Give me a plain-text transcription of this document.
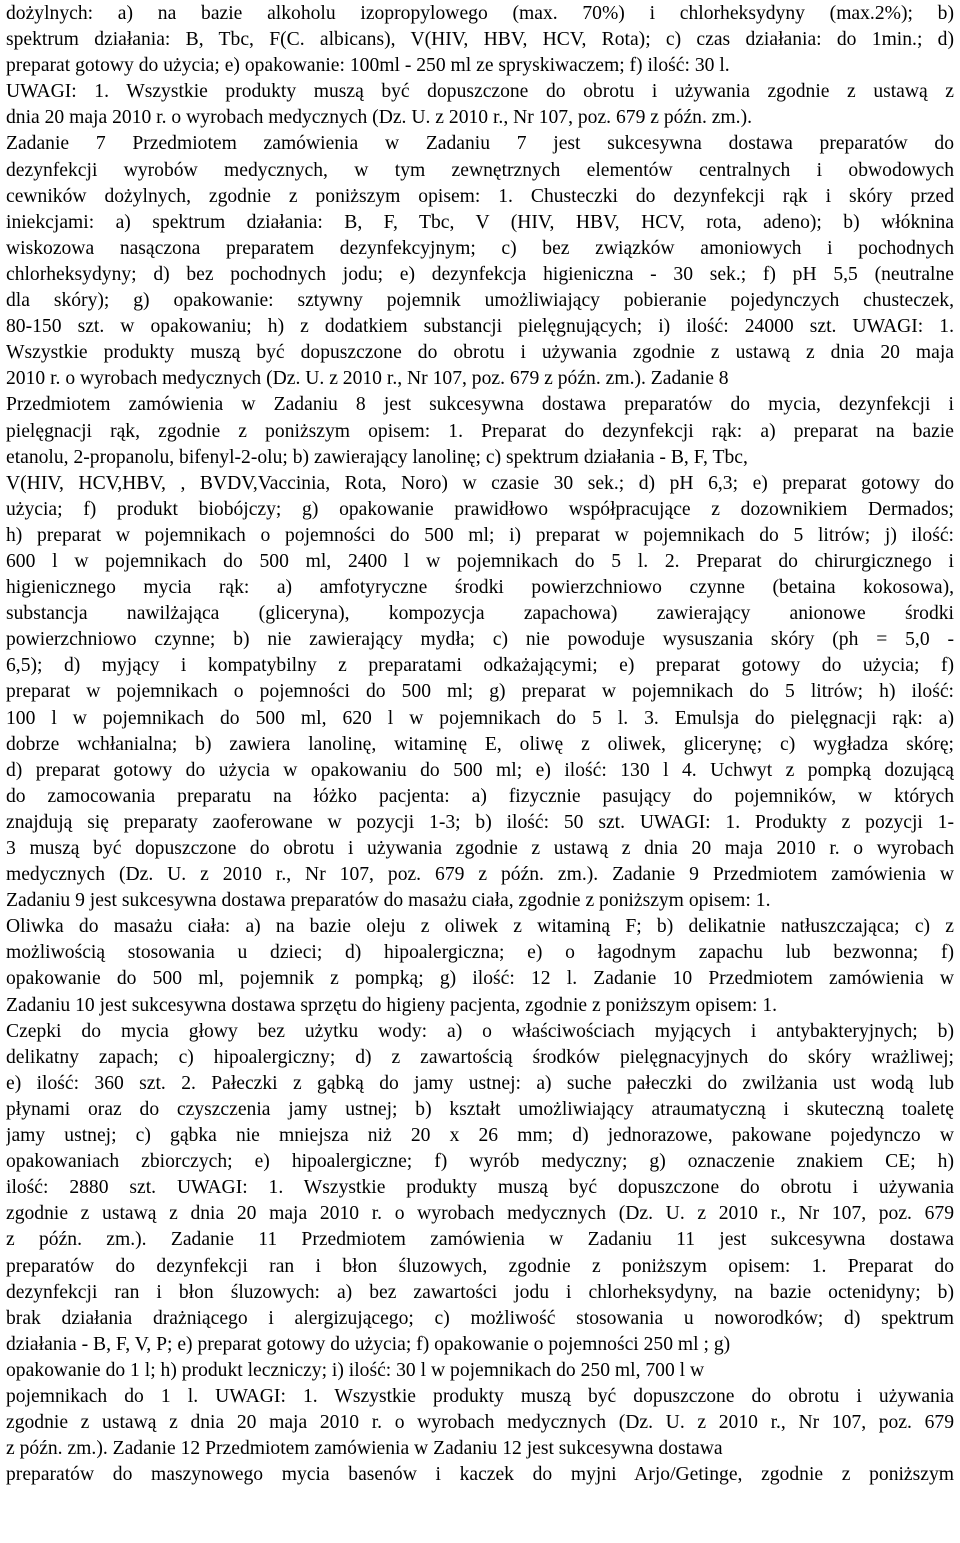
dożylnych: a) na bazie alkoholu izopropylowego (max. 70%) i chlorheksydyny (max.2%); b)
spektrum działania: B, Tbc, F(C. albicans), V(HIV, HBV, HCV, Rota); c) czas działania: do 1min.; d)
preparat gotowy do użycia; e) opakowanie: 100ml - 250 ml ze spryskiwaczem; f) ilość: 30 l.
UWAGI: 1. Wszystkie produkty muszą być dopuszczone do obrotu i używania zgodnie z ustawą z
dnia 20 maja 2010 r. o wyrobach medycznych (Dz. U. z 2010 r., Nr 107, poz. 679 z późn. zm.).
Zadanie 7 Przedmiotem zamówienia w Zadaniu 7 jest sukcesywna dostawa preparatów do
dezynfekcji wyrobów medycznych, w tym zewnętrznych elementów centralnych i obwodowych
cewników dożylnych, zgodnie z poniższym opisem: 1. Chusteczki do dezynfekcji rąk i skóry przed
iniekcjami: a) spektrum działania: B, F, Tbc, V (HIV, HBV, HCV, rota, adeno); b) włóknina
wiskozowa nasączona preparatem dezynfekcyjnym; c) bez związków amoniowych i pochodnych
chlorheksydyny; d) bez pochodnych jodu; e) dezynfekcja higieniczna - 30 sek.; f) pH 5,5 (neutralne
dla skóry); g) opakowanie: sztywny pojemnik umożliwiający pobieranie pojedynczych chusteczek,
80-150 szt. w opakowaniu; h) z dodatkiem substancji pielęgnujących; i) ilość: 24000 szt. UWAGI: 1.
Wszystkie produkty muszą być dopuszczone do obrotu i używania zgodnie z ustawą z dnia 20 maja
2010 r. o wyrobach medycznych (Dz. U. z 2010 r., Nr 107, poz. 679 z późn. zm.). Zadanie 8
Przedmiotem zamówienia w Zadaniu 8 jest sukcesywna dostawa preparatów do mycia, dezynfekcji i
pielęgnacji rąk, zgodnie z poniższym opisem: 1. Preparat do dezynfekcji rąk: a) preparat na bazie
etanolu, 2-propanolu, bifenyl-2-olu; b) zawierający lanolinę; c) spektrum działania - B, F, Tbc,
V(HIV, HCV,HBV, , BVDV,Vaccinia, Rota, Noro) w czasie 30 sek.; d) pH 6,3; e) preparat gotowy do
użycia; f) produkt biobójczy; g) opakowanie prawidłowo współpracujące z dozownikiem Dermados;
h) preparat w pojemnikach o pojemności do 500 ml; i) preparat w pojemnikach do 5 litrów; j) ilość:
600 l w pojemnikach do 500 ml, 2400 l w pojemnikach do 5 l. 2. Preparat do chirurgicznego i
higienicznego mycia rąk: a) amfotyryczne środki powierzchniowo czynne (betaina kokosowa),
substancja nawilżająca (gliceryna), kompozycja zapachowa) zawierający anionowe środki
powierzchniowo czynne; b) nie zawierający mydła; c) nie powoduje wysuszania skóry (ph = 5,0 -
6,5); d) myjący i kompatybilny z preparatami odkażającymi; e) preparat gotowy do użycia; f)
preparat w pojemnikach o pojemności do 500 ml; g) preparat w pojemnikach do 5 litrów; h) ilość:
100 l w pojemnikach do 500 ml, 620 l w pojemnikach do 5 l. 3. Emulsja do pielęgnacji rąk: a)
dobrze wchłanialna; b) zawiera lanolinę, witaminę E, oliwę z oliwek, glicerynę; c) wygładza skórę;
d) preparat gotowy do użycia w opakowaniu do 500 ml; e) ilość: 130 l 4. Uchwyt z pompką dozującą
do zamocowania preparatu na łóżko pacjenta: a) fizycznie pasujący do pojemników, w których
znajdują się preparaty zaoferowane w pozycji 1-3; b) ilość: 50 szt. UWAGI: 1. Produkty z pozycji 1-
3 muszą być dopuszczone do obrotu i używania zgodnie z ustawą z dnia 20 maja 2010 r. o wyrobach
medycznych (Dz. U. z 2010 r., Nr 107, poz. 679 z późn. zm.). Zadanie 9 Przedmiotem zamówienia w
Zadaniu 9 jest sukcesywna dostawa preparatów do masażu ciała, zgodnie z poniższym opisem: 1.
Oliwka do masażu ciała: a) na bazie oleju z oliwek z witaminą F; b) delikatnie natłuszczająca; c) z
możliwością stosowania u dzieci; d) hipoalergiczna; e) o łagodnym zapachu lub bezwonna; f)
opakowanie do 500 ml, pojemnik z pompką; g) ilość: 12 l. Zadanie 10 Przedmiotem zamówienia w
Zadaniu 10 jest sukcesywna dostawa sprzętu do higieny pacjenta, zgodnie z poniższym opisem: 1.
Czepki do mycia głowy bez użytku wody: a) o właściwościach myjących i antybakteryjnych; b)
delikatny zapach; c) hipoalergiczny; d) z zawartością środków pielęgnacyjnych do skóry wrażliwej;
e) ilość: 360 szt. 2. Pałeczki z gąbką do jamy ustnej: a) suche pałeczki do zwilżania ust wodą lub
płynami oraz do czyszczenia jamy ustnej; b) kształt umożliwiający atraumatyczną i skuteczną toaletę
jamy ustnej; c) gąbka nie mniejsza niż 20 x 26 mm; d) jednorazowe, pakowane pojedynczo w
opakowaniach zbiorczych; e) hipoalergiczne; f) wyrób medyczny; g) oznaczenie znakiem CE; h)
ilość: 2880 szt. UWAGI: 1. Wszystkie produkty muszą być dopuszczone do obrotu i używania
zgodnie z ustawą z dnia 20 maja 2010 r. o wyrobach medycznych (Dz. U. z 2010 r., Nr 107, poz. 679
z późn. zm.). Zadanie 11 Przedmiotem zamówienia w Zadaniu 11 jest sukcesywna dostawa
preparatów do dezynfekcji ran i błon śluzowych, zgodnie z poniższym opisem: 1. Preparat do
dezynfekcji ran i błon śluzowych: a) bez zawartości jodu i chlorheksydyny, na bazie octenidyny; b)
brak działania drażniącego i alergizującego; c) możliwość stosowania u noworodków; d) spektrum
działania - B, F, V, P; e) preparat gotowy do użycia; f) opakowanie o pojemności 250 ml ; g)
opakowanie do 1 l; h) produkt leczniczy; i) ilość: 30 l w pojemnikach do 250 ml, 700 l w
pojemnikach do 1 l. UWAGI: 1. Wszystkie produkty muszą być dopuszczone do obrotu i używania
zgodnie z ustawą z dnia 20 maja 2010 r. o wyrobach medycznych (Dz. U. z 2010 r., Nr 107, poz. 679
z późn. zm.). Zadanie 12 Przedmiotem zamówienia w Zadaniu 12 jest sukcesywna dostawa
preparatów do maszynowego mycia basenów i kaczek do myjni Arjo/Getinge, zgodnie z poniższym
